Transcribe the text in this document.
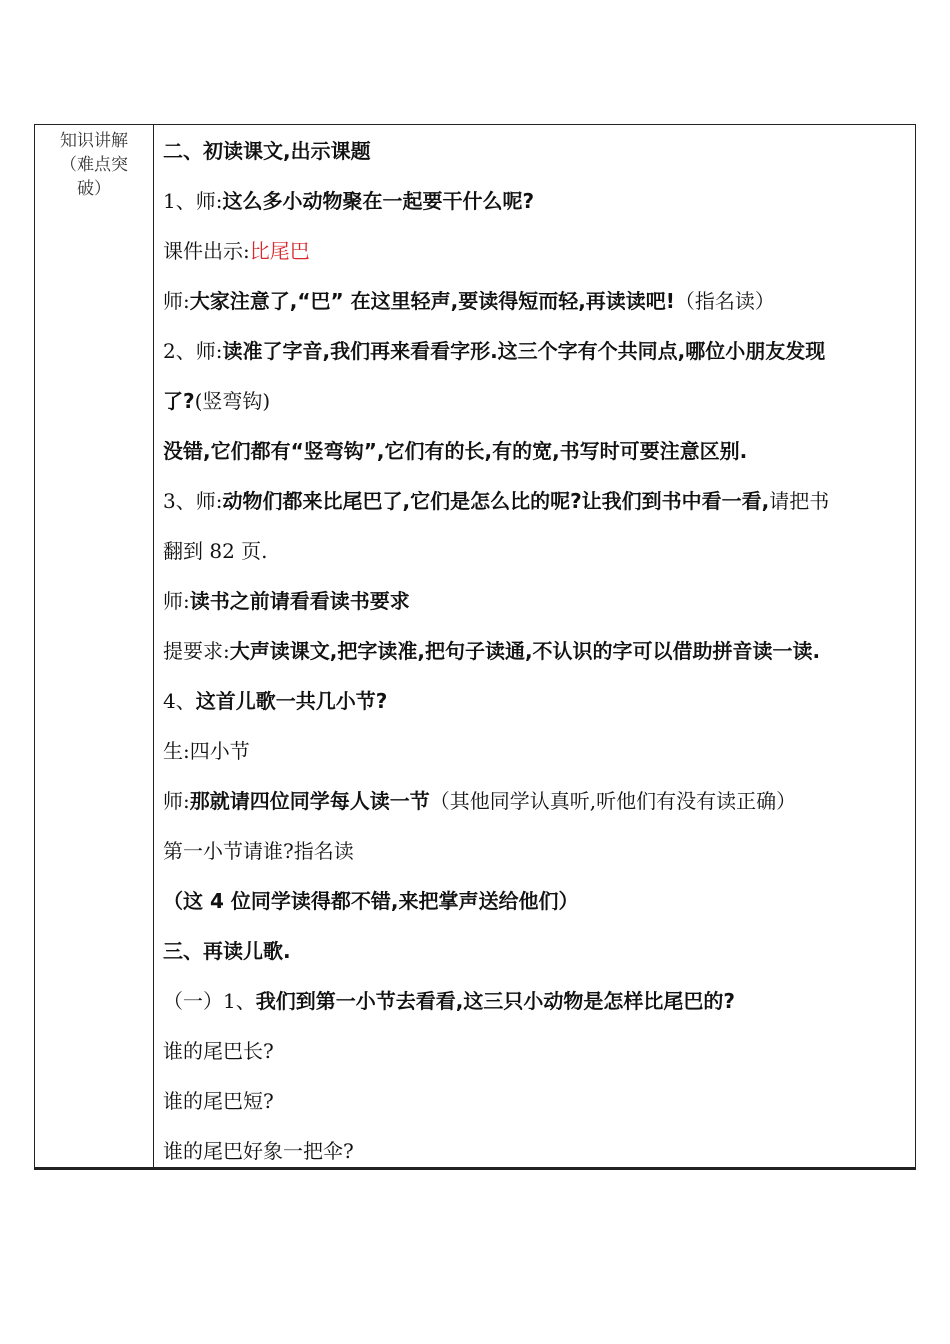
知识讲解
（难点突
破）
二、初读课文,出示课题
1、师:这么多小动物聚在一起要干什么呢?
课件出示:比尾巴
师:大家注意了,“巴” 在这里轻声,要读得短而轻,再读读吧!（指名读）
2、师:读准了字音,我们再来看看字形.这三个字有个共同点,哪位小朋友发现
了?(竖弯钩)
没错,它们都有“竖弯钩”,它们有的长,有的宽,书写时可要注意区别.
3、师:动物们都来比尾巴了,它们是怎么比的呢?让我们到书中看一看,请把书
翻到 82 页.
师:读书之前请看看读书要求
提要求:大声读课文,把字读准,把句子读通,不认识的字可以借助拼音读一读.
4、这首儿歌一共几小节?
生:四小节
师:那就请四位同学每人读一节（其他同学认真听,听他们有没有读正确）
第一小节请谁?指名读
（这 4 位同学读得都不错,来把掌声送给他们）
三、再读儿歌.
（一）1、我们到第一小节去看看,这三只小动物是怎样比尾巴的?
谁的尾巴长?
谁的尾巴短?
谁的尾巴好象一把伞?
